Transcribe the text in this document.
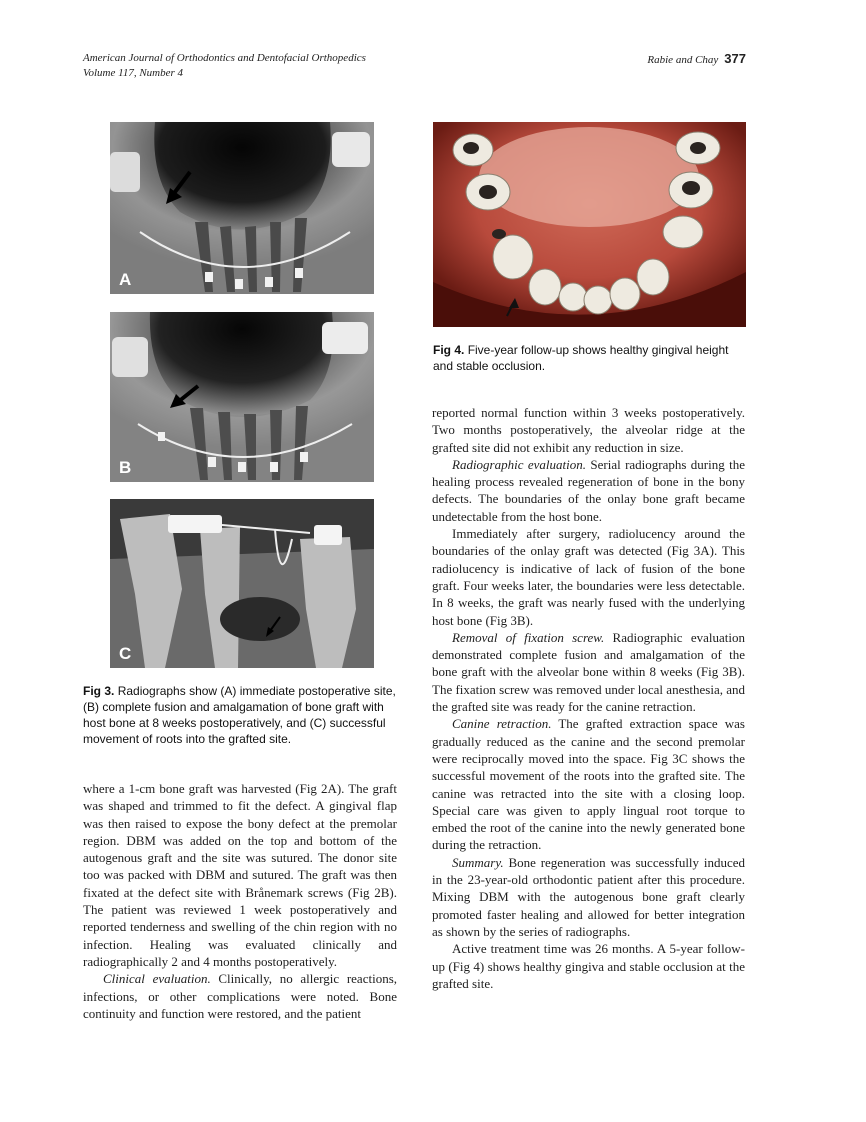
American Journal of Orthodontics and Dentofacial Orthopedics
Volume 117, Number 4
Rabie and Chay 377
A
B
C
Fig 4. Five-year follow-up shows healthy gingival height and stable occlusion.
Fig 3. Radiographs show (A) immediate postoperative site, (B) complete fusion and amalgamation of bone graft with host bone at 8 weeks postoperatively, and (C) successful movement of roots into the grafted site.

where a 1-cm bone graft was harvested (Fig 2A). The graft was shaped and trimmed to fit the defect. A gingival flap was then raised to expose the bony defect at the premolar region. DBM was added on the top and bottom of the autogenous graft and the site was sutured. The donor site too was packed with DBM and sutured. The graft was then fixated at the defect site with Brånemark screws (Fig 2B). The patient was reviewed 1 week postoperatively and reported tenderness and swelling of the chin region with no infection. Healing was evaluated clinically and radiographically 2 and 4 months postoperatively.

Clinical evaluation. Clinically, no allergic reactions, infections, or other complications were noted. Bone continuity and function were restored, and the patient

reported normal function within 3 weeks postoperatively. Two months postoperatively, the alveolar ridge at the grafted site did not exhibit any reduction in size.

Radiographic evaluation. Serial radiographs during the healing process revealed regeneration of bone in the bony defects. The boundaries of the onlay bone graft became undetectable from the host bone.

Immediately after surgery, radiolucency around the boundaries of the onlay graft was detected (Fig 3A). This radiolucency is indicative of lack of fusion of the bone graft. Four weeks later, the boundaries were less detectable. In 8 weeks, the graft was nearly fused with the underlying host bone (Fig 3B).

Removal of fixation screw. Radiographic evaluation demonstrated complete fusion and amalgamation of the bone graft with the alveolar bone within 8 weeks (Fig 3B). The fixation screw was removed under local anesthesia, and the grafted site was ready for the canine retraction.

Canine retraction. The grafted extraction space was gradually reduced as the canine and the second premolar were reciprocally moved into the space. Fig 3C shows the successful movement of the roots into the grafted site. The canine was retracted into the site with a closing loop. Special care was given to apply lingual root torque to embed the root of the canine into the newly generated bone during the retraction.

Summary. Bone regeneration was successfully induced in the 23-year-old orthodontic patient after this procedure. Mixing DBM with the autogenous bone graft clearly promoted faster healing and allowed for better integration as shown by the series of radiographs.

Active treatment time was 26 months. A 5-year follow-up (Fig 4) shows healthy gingiva and stable occlusion at the grafted site.
